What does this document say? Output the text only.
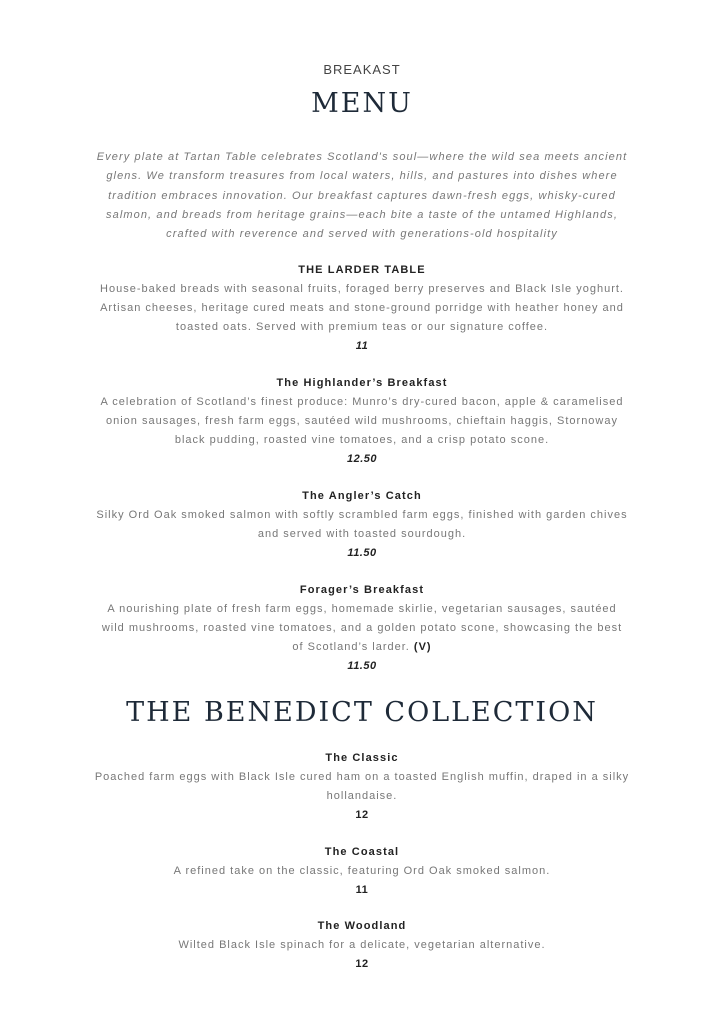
BREAKAST
MENU
Every plate at Tartan Table celebrates Scotland's soul—where the wild sea meets ancient
glens. We transform treasures from local waters, hills, and pastures into dishes where
tradition embraces innovation. Our breakfast captures dawn-fresh eggs, whisky-cured
salmon, and breads from heritage grains—each bite a taste of the untamed Highlands,
crafted with reverence and served with generations-old hospitality
THE LARDER TABLE
House-baked breads with seasonal fruits, foraged berry preserves and Black Isle yoghurt.
Artisan cheeses, heritage cured meats and stone-ground porridge with heather honey and
toasted oats. Served with premium teas or our signature coffee.
11
The Highlander’s Breakfast
A celebration of Scotland’s finest produce: Munro’s dry-cured bacon, apple & caramelised
onion sausages, fresh farm eggs, sautéed wild mushrooms, chieftain haggis, Stornoway
black pudding, roasted vine tomatoes, and a crisp potato scone.
12.50
The Angler’s Catch
Silky Ord Oak smoked salmon with softly scrambled farm eggs, finished with garden chives
and served with toasted sourdough.
11.50
Forager’s Breakfast
A nourishing plate of fresh farm eggs, homemade skirlie, vegetarian sausages, sautéed
wild mushrooms, roasted vine tomatoes, and a golden potato scone, showcasing the best
of Scotland’s larder. (V)
11.50
THE BENEDICT COLLECTION
The Classic
Poached farm eggs with Black Isle cured ham on a toasted English muffin, draped in a silky
hollandaise.
12
The Coastal
A refined take on the classic, featuring Ord Oak smoked salmon.
11
The Woodland
Wilted Black Isle spinach for a delicate, vegetarian alternative.
12
